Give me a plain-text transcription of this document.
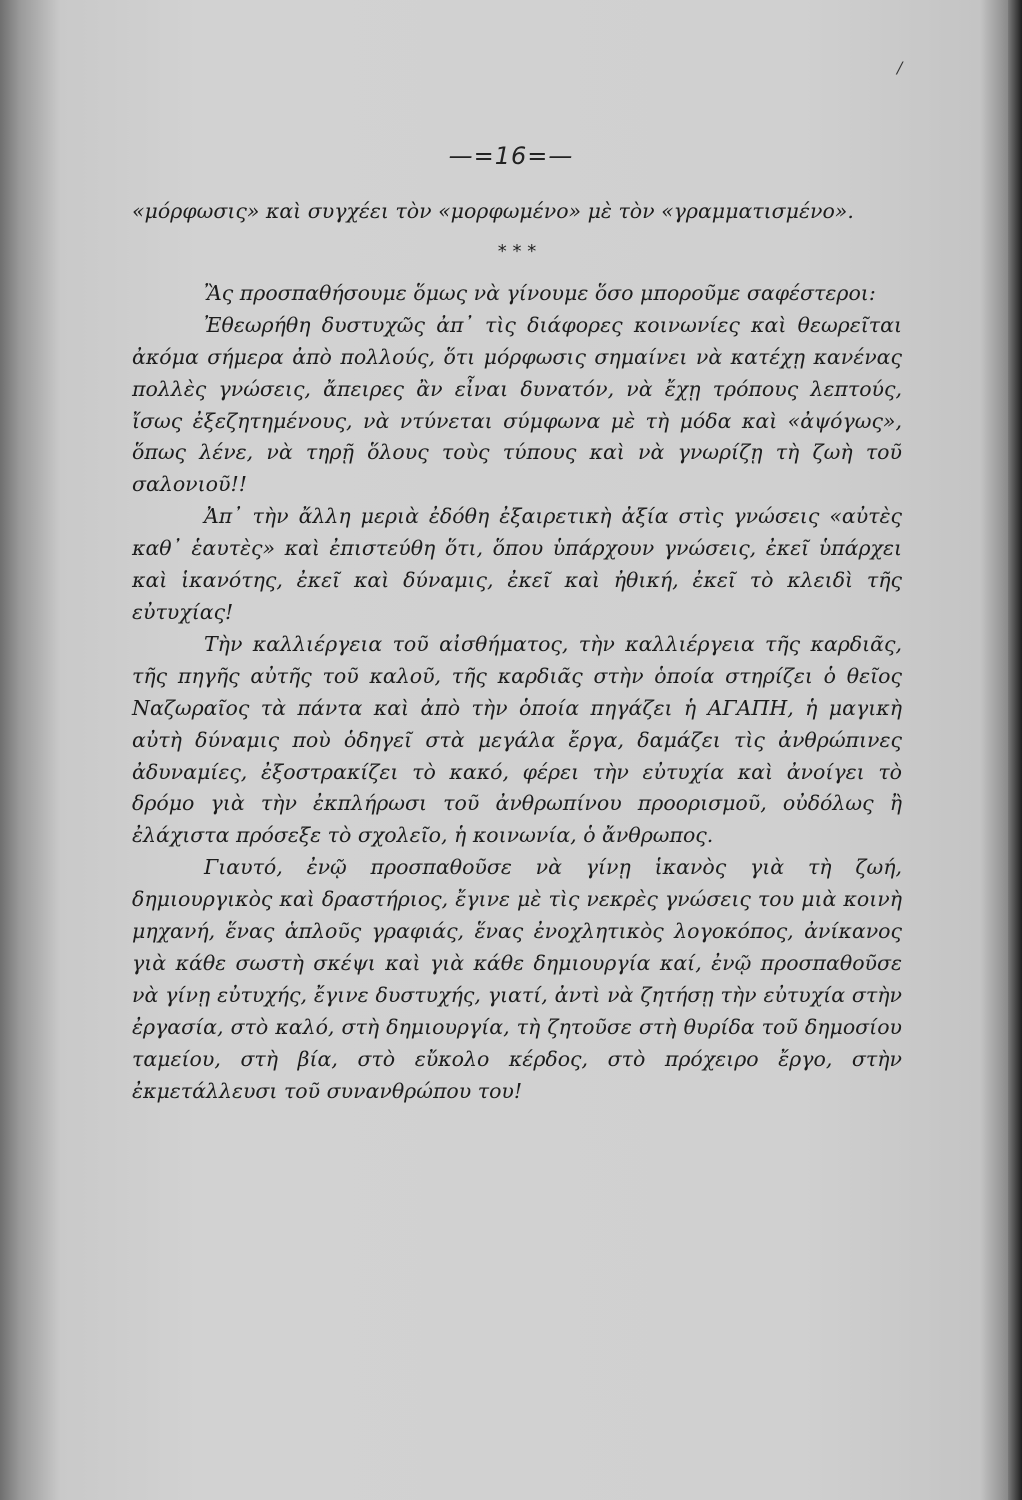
/
—=16=—

«μόρφωσις» καὶ συγχέει τὸν «μορφωμένο» μὲ τὸν «γραμματισμένο».

* * *

Ἂς προσπαθήσουμε ὅμως νὰ γίνουμε ὅσο μποροῦμε σαφέστεροι:

Ἐθεωρήθη δυστυχῶς ἀπ᾽ τὶς διάφορες κοινωνίες καὶ θεωρεῖται ἀκόμα σήμερα ἀπὸ πολλούς, ὅτι μόρφωσις σημαίνει νὰ κατέχῃ κανένας πολλὲς γνώσεις, ἄπειρες ἂν εἶναι δυνατόν, νὰ ἔχῃ τρόπους λεπτούς, ἴσως ἐξεζητημένους, νὰ ντύνεται σύμφωνα μὲ τὴ μόδα καὶ «ἀψόγως», ὅπως λένε, νὰ τηρῇ ὅλους τοὺς τύπους καὶ νὰ γνωρίζῃ τὴ ζωὴ τοῦ σαλονιοῦ!!

Ἀπ᾽ τὴν ἄλλη μεριὰ ἐδόθη ἐξαιρετικὴ ἀξία στὶς γνώσεις «αὐτὲς καθ᾽ ἑαυτὲς» καὶ ἐπιστεύθη ὅτι, ὅπου ὑπάρχουν γνώσεις, ἐκεῖ ὑπάρχει καὶ ἱκανότης, ἐκεῖ καὶ δύναμις, ἐκεῖ καὶ ἠθική, ἐκεῖ τὸ κλειδὶ τῆς εὐτυχίας!

Τὴν καλλιέργεια τοῦ αἰσθήματος, τὴν καλλιέργεια τῆς καρδιᾶς, τῆς πηγῆς αὐτῆς τοῦ καλοῦ, τῆς καρδιᾶς στὴν ὁποία στηρίζει ὁ θεῖος Ναζωραῖος τὰ πάντα καὶ ἀπὸ τὴν ὁποία πηγάζει ἡ ΑΓΑΠΗ, ἡ μαγικὴ αὐτὴ δύναμις ποὺ ὁδηγεῖ στὰ μεγάλα ἔργα, δαμάζει τὶς ἀνθρώπινες ἀδυναμίες, ἐξοστρακίζει τὸ κακό, φέρει τὴν εὐτυχία καὶ ἀνοίγει τὸ δρόμο γιὰ τὴν ἐκπλήρωσι τοῦ ἀνθρωπίνου προορισμοῦ, οὐδόλως ἢ ἐλάχιστα πρόσεξε τὸ σχολεῖο, ἡ κοινωνία, ὁ ἄνθρωπος.

Γιαυτό, ἐνῷ προσπαθοῦσε νὰ γίνῃ ἱκανὸς γιὰ τὴ ζωή, δημιουργικὸς καὶ δραστήριος, ἔγινε μὲ τὶς νεκρὲς γνώσεις του μιὰ κοινὴ μηχανή, ἕνας ἁπλοῦς γραφιάς, ἕνας ἐνοχλητικὸς λογοκόπος, ἀνίκανος γιὰ κάθε σωστὴ σκέψι καὶ γιὰ κάθε δημιουργία καί, ἐνῷ προσπαθοῦσε νὰ γίνῃ εὐτυχής, ἔγινε δυστυχής, γιατί, ἀντὶ νὰ ζητήσῃ τὴν εὐτυχία στὴν ἐργασία, στὸ καλό, στὴ δημιουργία, τὴ ζητοῦσε στὴ θυρίδα τοῦ δημοσίου ταμείου, στὴ βία, στὸ εὔκολο κέρδος, στὸ πρόχειρο ἔργο, στὴν ἐκμετάλλευσι τοῦ συνανθρώπου του!
